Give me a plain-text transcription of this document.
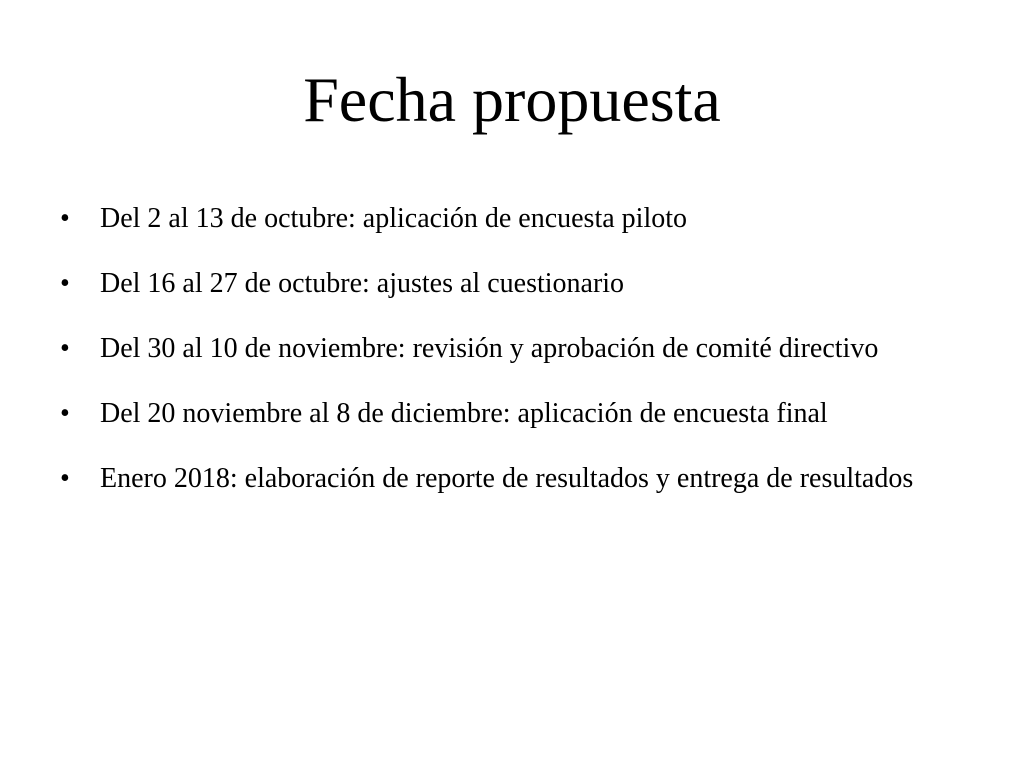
Fecha propuesta
•	Del 2 al 13 de octubre: aplicación de encuesta piloto
•	Del 16 al 27 de octubre: ajustes al cuestionario
•	Del 30 al 10 de noviembre: revisión y aprobación de comité directivo
•	Del 20 noviembre al 8 de diciembre: aplicación de encuesta final
•	Enero 2018: elaboración de reporte de resultados y entrega de resultados
